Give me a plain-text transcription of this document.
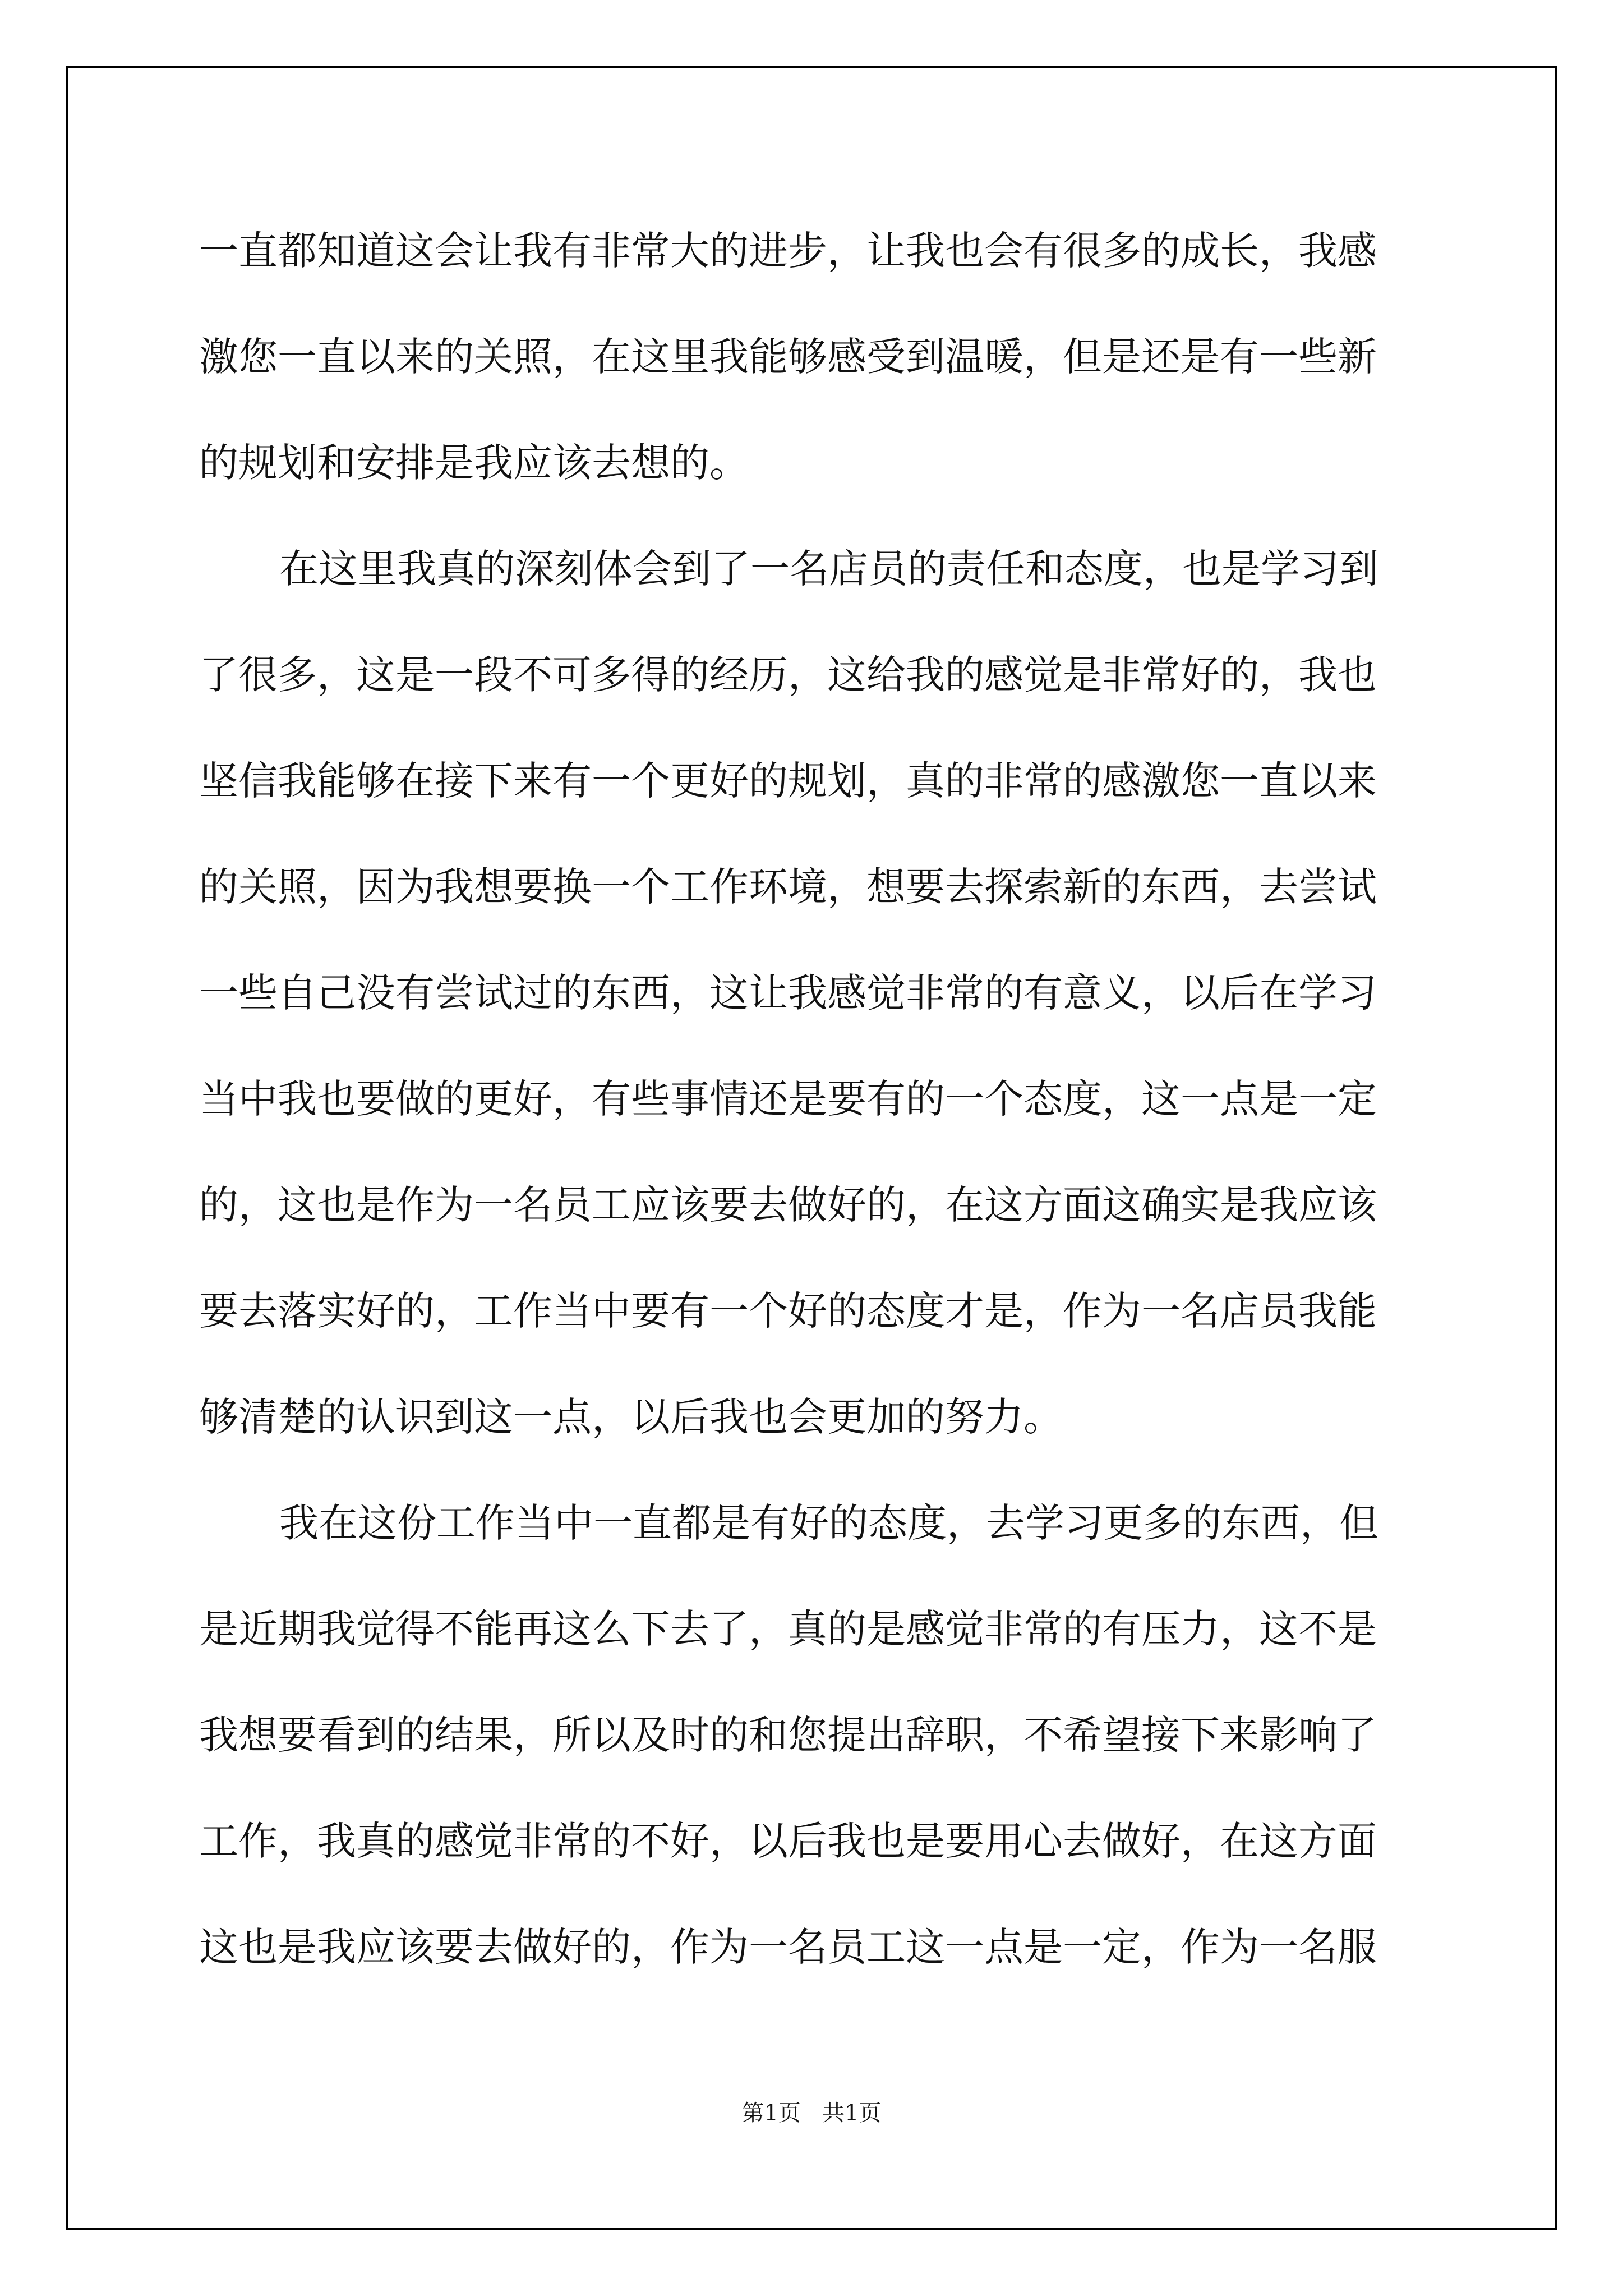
一直都知道这会让我有非常大的进步，让我也会有很多的成长，我感
激您一直以来的关照，在这里我能够感受到温暖，但是还是有一些新
的规划和安排是我应该去想的。
在这里我真的深刻体会到了一名店员的责任和态度，也是学习到
了很多，这是一段不可多得的经历，这给我的感觉是非常好的，我也
坚信我能够在接下来有一个更好的规划，真的非常的感激您一直以来
的关照，因为我想要换一个工作环境，想要去探索新的东西，去尝试
一些自己没有尝试过的东西，这让我感觉非常的有意义，以后在学习
当中我也要做的更好，有些事情还是要有的一个态度，这一点是一定
的，这也是作为一名员工应该要去做好的，在这方面这确实是我应该
要去落实好的，工作当中要有一个好的态度才是，作为一名店员我能
够清楚的认识到这一点，以后我也会更加的努力。
我在这份工作当中一直都是有好的态度，去学习更多的东西，但
是近期我觉得不能再这么下去了，真的是感觉非常的有压力，这不是
我想要看到的结果，所以及时的和您提出辞职，不希望接下来影响了
工作，我真的感觉非常的不好，以后我也是要用心去做好，在这方面
这也是我应该要去做好的，作为一名员工这一点是一定，作为一名服
第1页   共1页
